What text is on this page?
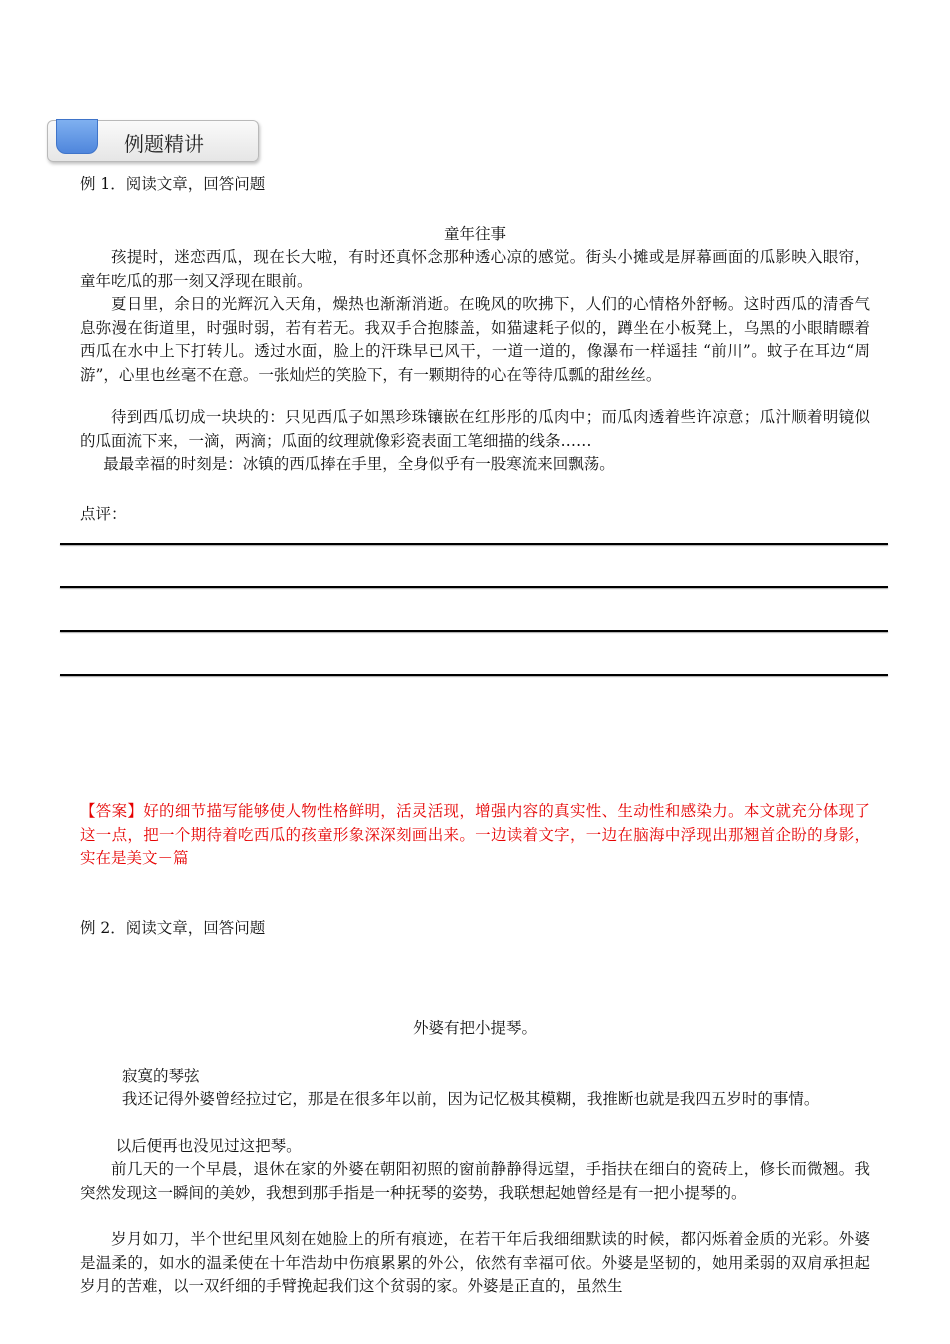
例题精讲
例 1．阅读文章，回答问题
童年往事
孩提时，迷恋西瓜，现在长大啦，有时还真怀念那种透心凉的感觉。街头小摊或是屏幕画面的瓜影映入眼帘，童年吃瓜的那一刻又浮现在眼前。
夏日里，余日的光辉沉入天角，燥热也渐渐消逝。在晚风的吹拂下，人们的心情格外舒畅。这时西瓜的清香气息弥漫在街道里，时强时弱，若有若无。我双手合抱膝盖，如猫逮耗子似的，蹲坐在小板凳上，乌黑的小眼睛瞟着西瓜在水中上下打转儿。透过水面，脸上的汗珠早已风干，一道一道的，像瀑布一样遥挂 “前川”。蚊子在耳边“周游”，心里也丝毫不在意。一张灿烂的笑脸下，有一颗期待的心在等待瓜瓢的甜丝丝。
待到西瓜切成一块块的：只见西瓜子如黑珍珠镶嵌在红彤彤的瓜肉中；而瓜肉透着些许凉意；瓜汁顺着明镜似的瓜面流下来，一滴，两滴；瓜面的纹理就像彩瓷表面工笔细描的线条……
最最幸福的时刻是：冰镇的西瓜捧在手里，全身似乎有一股寒流来回飘荡。
点评：
【答案】好的细节描写能够使人物性格鲜明，活灵活现，增强内容的真实性、生动性和感染力。本文就充分体现了这一点，把一个期待着吃西瓜的孩童形象深深刻画出来。一边读着文字，一边在脑海中浮现出那翘首企盼的身影，实在是美文－篇
例 2．阅读文章，回答问题
外婆有把小提琴。
寂寞的琴弦
我还记得外婆曾经拉过它，那是在很多年以前，因为记忆极其模糊，我推断也就是我四五岁时的事情。
以后便再也没见过这把琴。
前几天的一个早晨，退休在家的外婆在朝阳初照的窗前静静得远望，手指扶在细白的瓷砖上，修长而微翘。我突然发现这一瞬间的美妙，我想到那手指是一种抚琴的姿势，我联想起她曾经是有一把小提琴的。
岁月如刀，半个世纪里风刻在她脸上的所有痕迹，在若干年后我细细默读的时候，都闪烁着金质的光彩。外婆是温柔的，如水的温柔使在十年浩劫中伤痕累累的外公，依然有幸福可依。外婆是坚韧的，她用柔弱的双肩承担起岁月的苦难，以一双纤细的手臂挽起我们这个贫弱的家。外婆是正直的，虽然生
